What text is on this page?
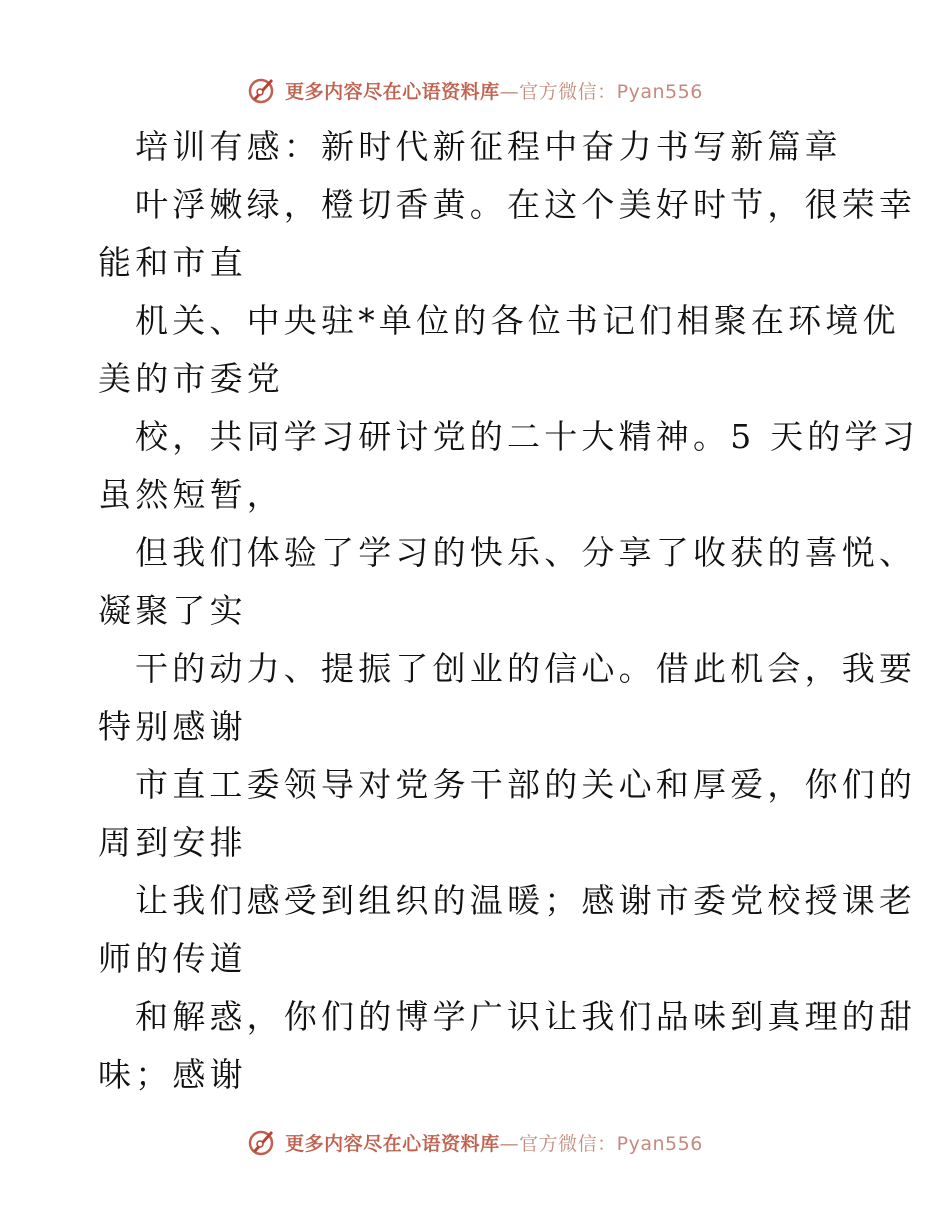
更多内容尽在心语资料库—官方微信：Pyan556
培训有感：新时代新征程中奋力书写新篇章
叶浮嫩绿，橙切香黄。在这个美好时节，很荣幸
能和市直
机关、中央驻*单位的各位书记们相聚在环境优
美的市委党
校，共同学习研讨党的二十大精神。5 天的学习
虽然短暂，
但我们体验了学习的快乐、分享了收获的喜悦、
凝聚了实
干的动力、提振了创业的信心。借此机会，我要
特别感谢
市直工委领导对党务干部的关心和厚爱，你们的
周到安排
让我们感受到组织的温暖；感谢市委党校授课老
师的传道
和解惑，你们的博学广识让我们品味到真理的甜
味；感谢
更多内容尽在心语资料库—官方微信：Pyan556
